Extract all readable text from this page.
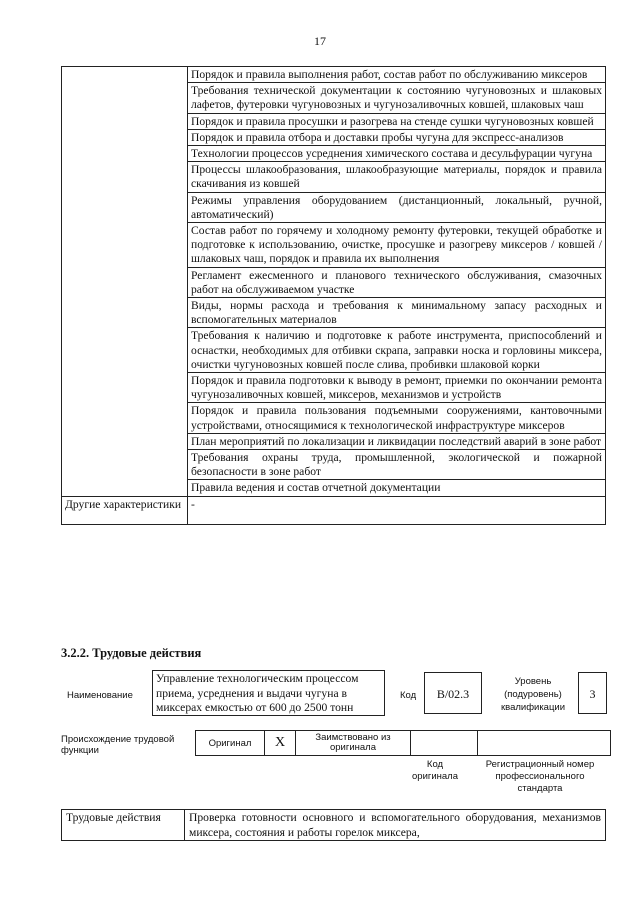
17
	Порядок и правила выполнения работ, состав работ по обслуживанию миксеров
	Требования технической документации к состоянию чугуновозных и шлаковых лафетов, футеровки чугуновозных и чугунозаливочных ковшей, шлаковых чаш
	Порядок и правила просушки и разогрева на стенде сушки чугуновозных ковшей
	Порядок и правила отбора и доставки пробы чугуна для экспресс-анализов
	Технологии процессов усреднения химического состава и десульфурации чугуна
	Процессы шлакообразования, шлакообразующие материалы, порядок и правила скачивания из ковшей
	Режимы управления оборудованием (дистанционный, локальный, ручной, автоматический)
	Состав работ по горячему и холодному ремонту футеровки, текущей обработке и подготовке к использованию, очистке, просушке и разогреву миксеров / ковшей / шлаковых чаш, порядок и правила их выполнения
	Регламент ежесменного и планового технического обслуживания, смазочных работ на обслуживаемом участке
	Виды, нормы расхода и требования к минимальному запасу расходных и вспомогательных материалов
	Требования к наличию и подготовке к работе инструмента, приспособлений и оснастки, необходимых для отбивки скрапа, заправки носка и горловины миксера, очистки чугуновозных ковшей после слива, пробивки шлаковой корки
	Порядок и правила подготовки к выводу в ремонт, приемки по окончании ремонта чугунозаливочных ковшей, миксеров, механизмов и устройств
	Порядок и правила пользования подъемными сооружениями, кантовочными устройствами, относящимися к технологической инфраструктуре миксеров
	План мероприятий по локализации и ликвидации последствий аварий в зоне работ
	Требования охраны труда, промышленной, экологической и пожарной безопасности в зоне работ
	Правила ведения и состав отчетной документации
Другие характеристики	-
3.2.2. Трудовые действия
Наименование
Управление технологическим процессом приема, усреднения и выдачи чугуна в миксерах емкостью от 600 до 2500 тонн
Код	B/02.3
Уровень (подуровень) квалификации
3
Происхождение трудовой функции
Оригинал	X	Заимствовано из оригинала		
Код оригинала
Регистрационный номер профессионального стандарта
Трудовые действия	Проверка готовности основного и вспомогательного оборудования, механизмов миксера, состояния и работы горелок миксера,
